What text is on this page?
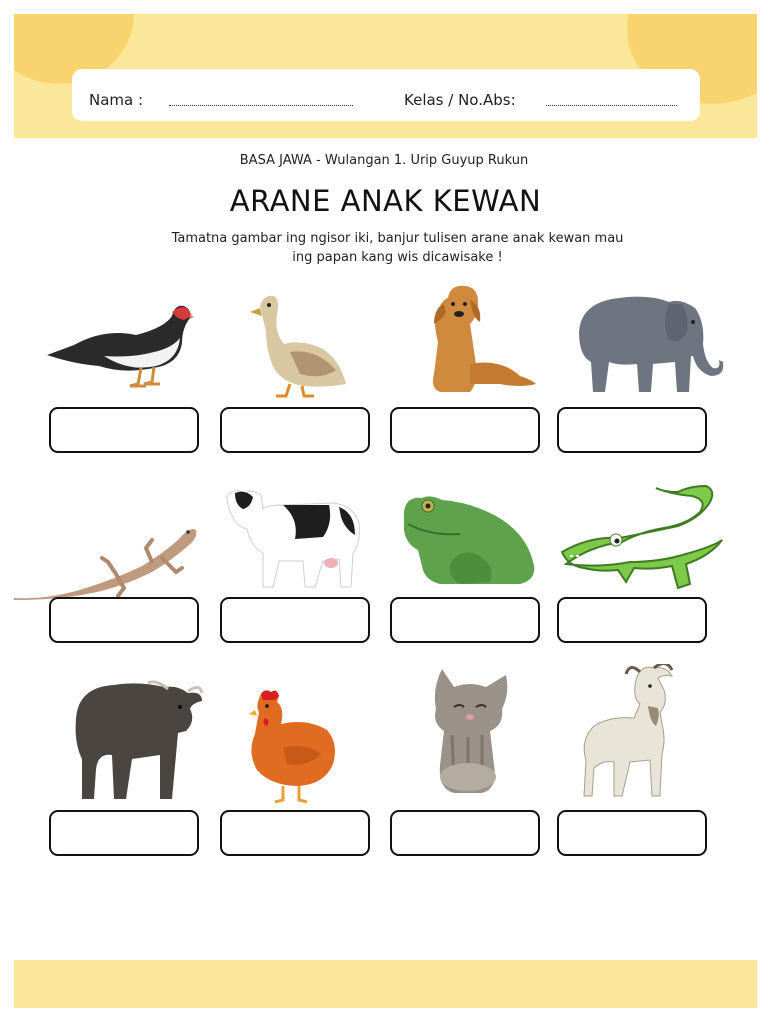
Nama :	Kelas / No.Abs:
BASA JAWA - Wulangan 1. Urip Guyup Rukun
ARANE ANAK KEWAN
Tamatna gambar ing ngisor iki, banjur tulisen arane anak kewan mau
ing papan kang wis dicawisake !
